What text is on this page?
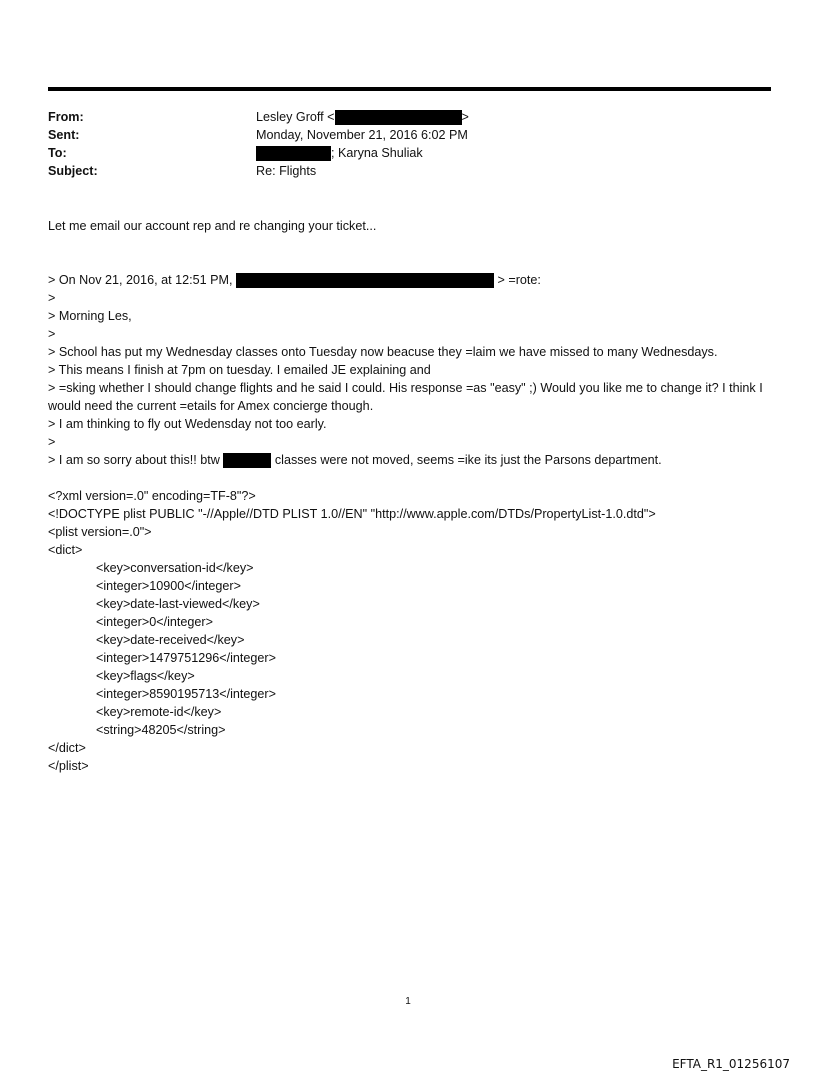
From:	Lesley Groff <	>
Sent:	Monday, November 21, 2016 6:02 PM
To:	; Karyna Shuliak
Subject:	Re: Flights
Let me email our account rep and re changing your ticket...
> On Nov 21, 2016, at 12:51 PM,	> =rote:
>
> Morning Les,
>
> School has put my Wednesday classes onto Tuesday now beacuse they =laim we have missed to many Wednesdays.
> This means I finish at 7pm on tuesday. I emailed JE explaining and
> =sking whether I should change flights and he said I could. His response =as "easy" ;) Would you like me to change it? I think I would need the current =etails for Amex concierge though.
> I am thinking to fly out Wedensday not too early.
>
> I am so sorry about this!! btw	classes were not moved, seems =ike its just the Parsons department.
<?xml version=.0" encoding=TF-8"?>
<!DOCTYPE plist PUBLIC "-//Apple//DTD PLIST 1.0//EN" "http://www.apple.com/DTDs/PropertyList-1.0.dtd">
<plist version=.0">
<dict>
<key>conversation-id</key>
<integer>10900</integer>
<key>date-last-viewed</key>
<integer>0</integer>
<key>date-received</key>
<integer>1479751296</integer>
<key>flags</key>
<integer>8590195713</integer>
<key>remote-id</key>
<string>48205</string>
</dict>
</plist>
1
EFTA_R1_01256107
